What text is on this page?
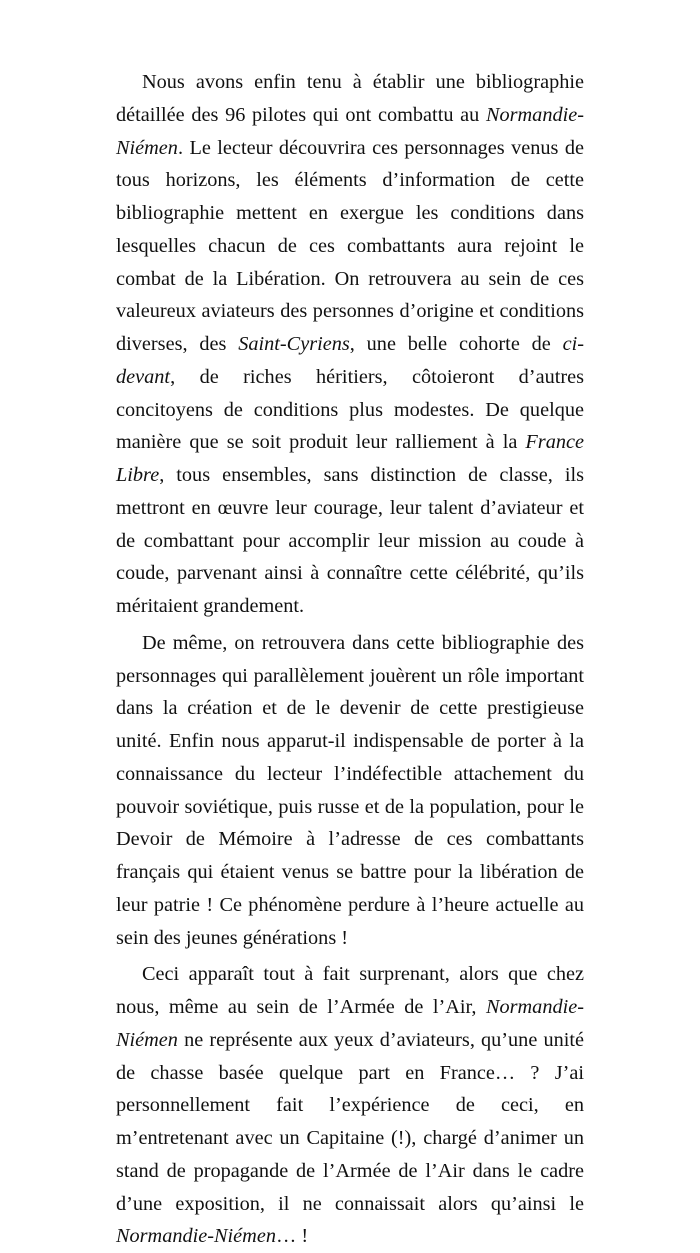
Nous avons enfin tenu à établir une bibliographie détaillée des 96 pilotes qui ont combattu au Normandie-Niémen. Le lecteur découvrira ces personnages venus de tous horizons, les éléments d’information de cette bibliographie mettent en exergue les conditions dans lesquelles chacun de ces combattants aura rejoint le combat de la Libération. On retrouvera au sein de ces valeureux aviateurs des personnes d’origine et conditions diverses, des Saint-Cyriens, une belle cohorte de ci-devant, de riches héritiers, côtoieront d’autres concitoyens de conditions plus modestes. De quelque manière que se soit produit leur ralliement à la France Libre, tous ensembles, sans distinction de classe, ils mettront en œuvre leur courage, leur talent d’aviateur et de combattant pour accomplir leur mission au coude à coude, parvenant ainsi à connaître cette célébrité, qu’ils méritaient grandement.

De même, on retrouvera dans cette bibliographie des personnages qui parallèlement jouèrent un rôle important dans la création et de le devenir de cette prestigieuse unité. Enfin nous apparut-il indispensable de porter à la connaissance du lecteur l’indéfectible attachement du pouvoir soviétique, puis russe et de la population, pour le Devoir de Mémoire à l’adresse de ces combattants français qui étaient venus se battre pour la libération de leur patrie ! Ce phénomène perdure à l’heure actuelle au sein des jeunes générations !

Ceci apparaît tout à fait surprenant, alors que chez nous, même au sein de l’Armée de l’Air, Normandie-Niémen ne représente aux yeux d’aviateurs, qu’une unité de chasse basée quelque part en France… ? J’ai personnellement fait l’expérience de ceci, en m’entretenant avec un Capitaine (!), chargé d’animer un stand de propagande de l’Armée de l’Air dans le cadre d’une exposition, il ne connaissait alors qu’ainsi le Normandie-Niémen… !
